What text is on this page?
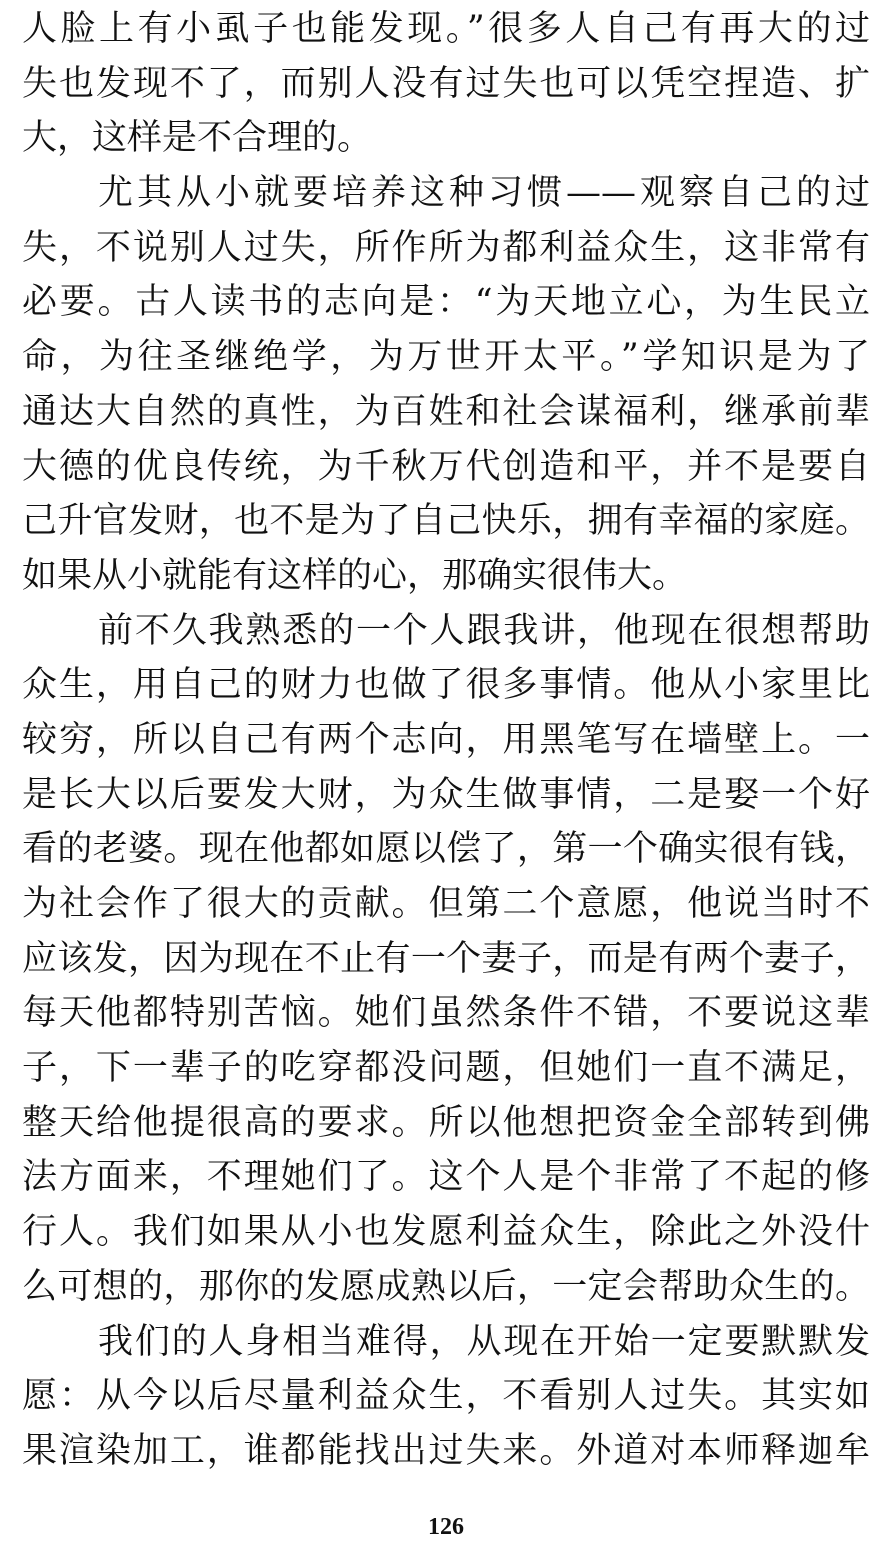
人脸上有小虱子也能发现。”很多人自己有再大的过
失也发现不了，而别人没有过失也可以凭空捏造、扩
大，这样是不合理的。
尤其从小就要培养这种习惯——观察自己的过
失，不说别人过失，所作所为都利益众生，这非常有
必要。古人读书的志向是：“为天地立心，为生民立
命，为往圣继绝学，为万世开太平。”学知识是为了
通达大自然的真性，为百姓和社会谋福利，继承前辈
大德的优良传统，为千秋万代创造和平，并不是要自
己升官发财，也不是为了自己快乐，拥有幸福的家庭。
如果从小就能有这样的心，那确实很伟大。
前不久我熟悉的一个人跟我讲，他现在很想帮助
众生，用自己的财力也做了很多事情。他从小家里比
较穷，所以自己有两个志向，用黑笔写在墙壁上。一
是长大以后要发大财，为众生做事情，二是娶一个好
看的老婆。现在他都如愿以偿了，第一个确实很有钱，
为社会作了很大的贡献。但第二个意愿，他说当时不
应该发，因为现在不止有一个妻子，而是有两个妻子，
每天他都特别苦恼。她们虽然条件不错，不要说这辈
子，下一辈子的吃穿都没问题，但她们一直不满足，
整天给他提很高的要求。所以他想把资金全部转到佛
法方面来，不理她们了。这个人是个非常了不起的修
行人。我们如果从小也发愿利益众生，除此之外没什
么可想的，那你的发愿成熟以后，一定会帮助众生的。
我们的人身相当难得，从现在开始一定要默默发
愿：从今以后尽量利益众生，不看别人过失。其实如
果渲染加工，谁都能找出过失来。外道对本师释迦牟
126
